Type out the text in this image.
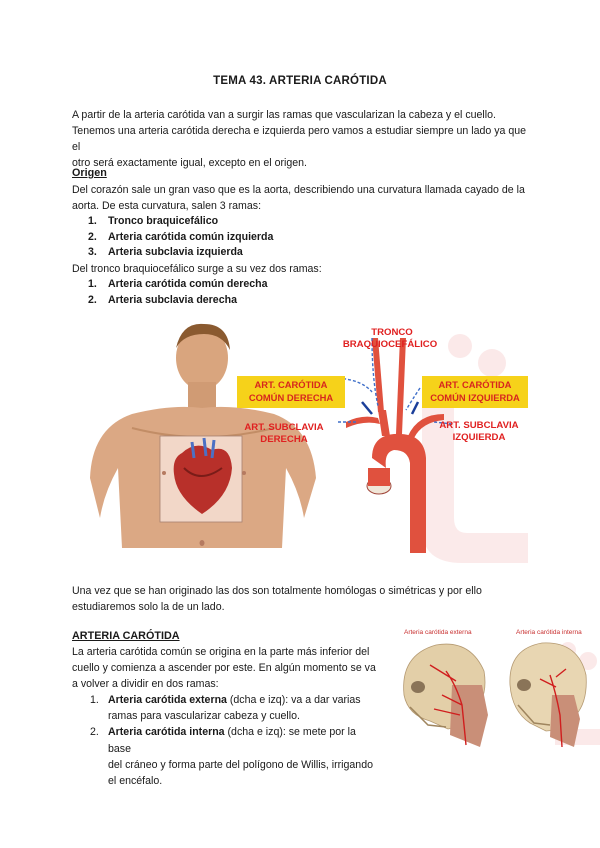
TEMA 43. ARTERIA CARÓTIDA
A partir de la arteria carótida van a surgir las ramas que vascularizan la cabeza y el cuello.
Tenemos una arteria carótida derecha e izquierda pero vamos a estudiar siempre un lado ya que el
otro será exactamente igual, excepto en el origen.
Origen
Del corazón sale un gran vaso que es la aorta, describiendo una curvatura llamada cayado de la
aorta. De esta curvatura, salen 3 ramas:
1.	Tronco braquicefálico
2.	Arteria carótida común izquierda
3.	Arteria subclavia izquierda
Del tronco braquiocefálico surge a su vez dos ramas:
1.	Arteria carótida común derecha
2.	Arteria subclavia derecha
TRONCO
BRAQUIOCEFÁLICO
ART. CARÓTIDA
COMÚN DERECHA
ART. CARÓTIDA
COMÚN IZQUIERDA
ART. SUBCLAVIA
DERECHA
ART. SUBCLAVIA
IZQUIERDA
Una vez que se han originado las dos son totalmente homólogas o simétricas y por ello
estudiaremos solo la de un lado.
ARTERIA CARÓTIDA
La arteria carótida común se origina en la parte más inferior del
cuello y comienza a ascender por este. En algún momento se va
a volver a dividir en dos ramas:
1. Arteria carótida externa (dcha e izq): va a dar varias
ramas para vascularizar cabeza y cuello.
2. Arteria carótida interna (dcha e izq): se mete por la base
del cráneo y forma parte del polígono de Willis, irrigando
el encéfalo.
Arteria carótida externa	Arteria carótida interna
